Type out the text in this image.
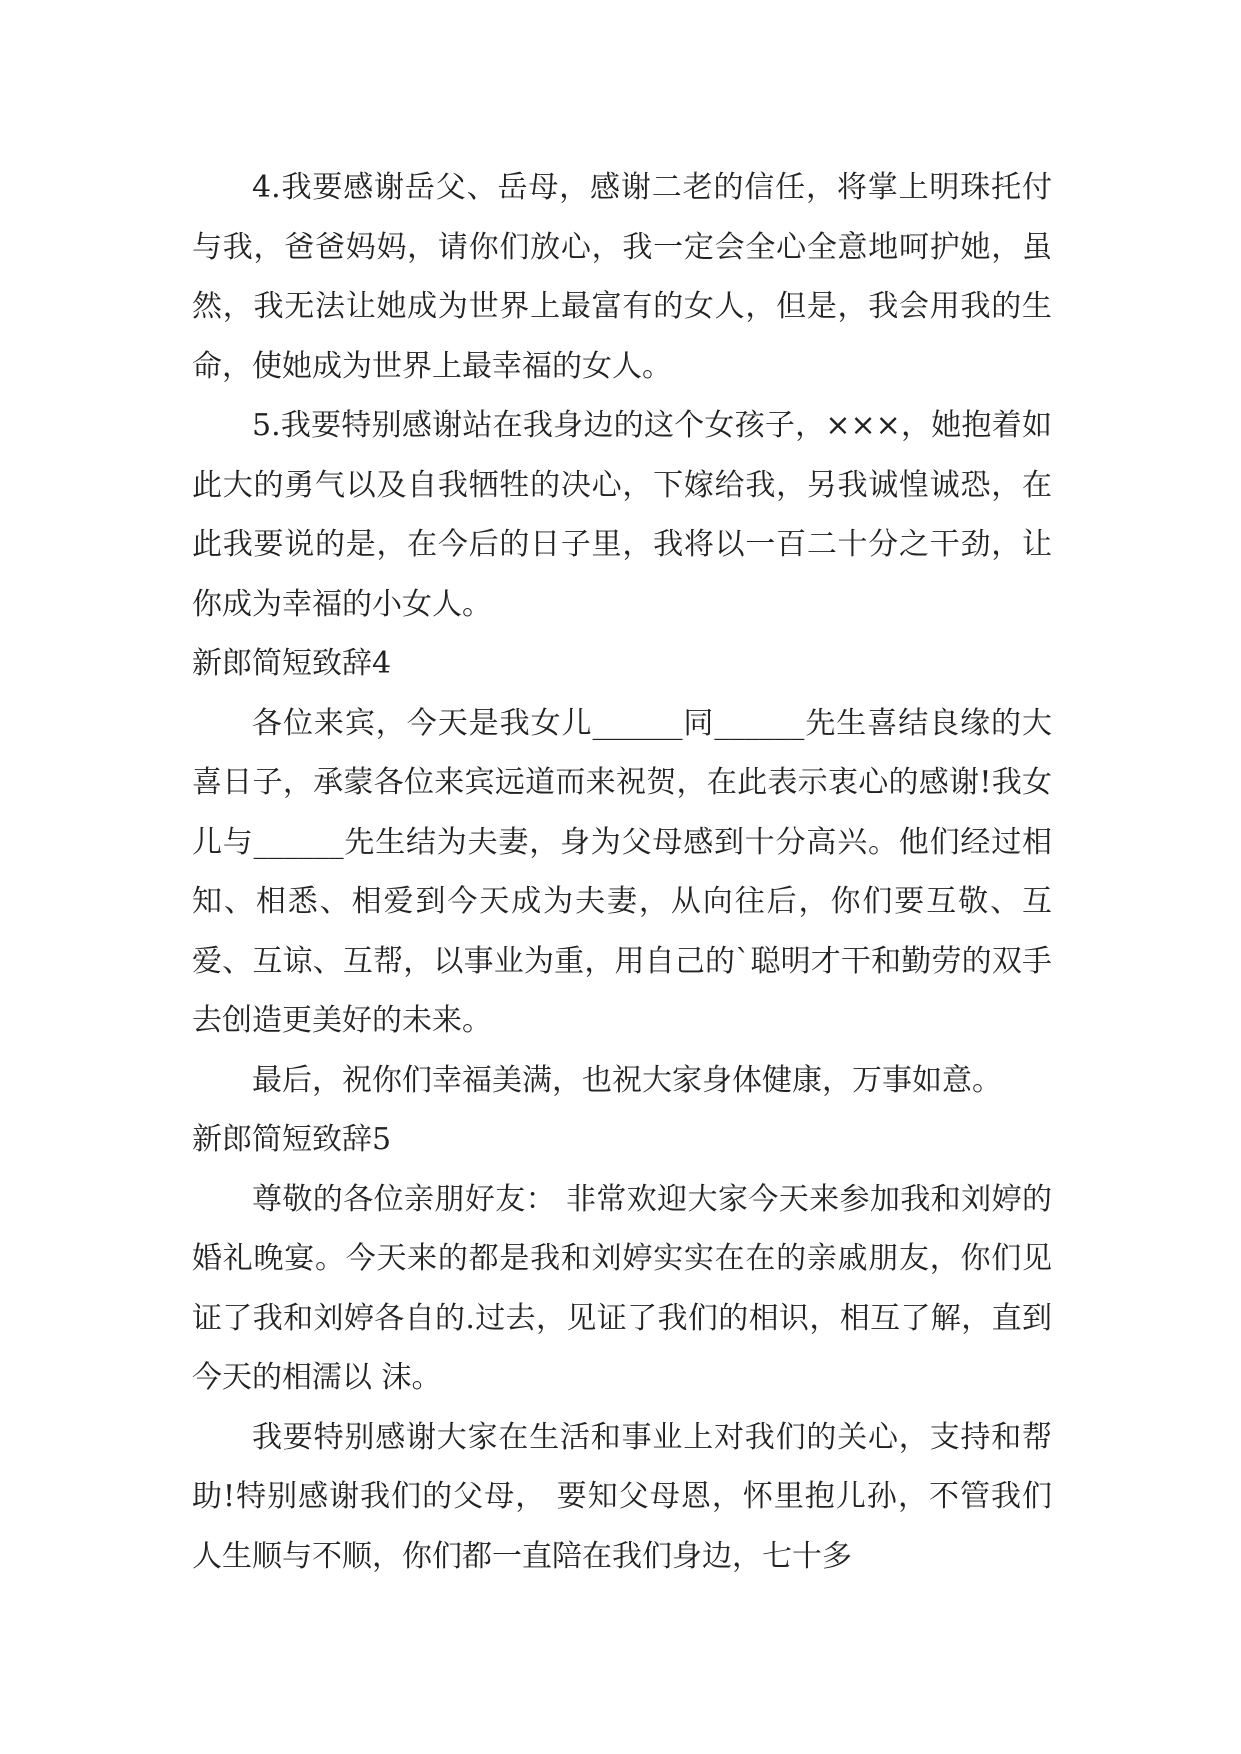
4.我要感谢岳父、岳母，感谢二老的信任，将掌上明珠托付与我，爸爸妈妈，请你们放心，我一定会全心全意地呵护她，虽然，我无法让她成为世界上最富有的女人，但是，我会用我的生命，使她成为世界上最幸福的女人。

5.我要特别感谢站在我身边的这个女孩子，×××，她抱着如此大的勇气以及自我牺牲的决心，下嫁给我，另我诚惶诚恐，在此我要说的是，在今后的日子里，我将以一百二十分之干劲，让你成为幸福的小女人。

新郎简短致辞4

各位来宾，今天是我女儿______同______先生喜结良缘的大喜日子，承蒙各位来宾远道而来祝贺，在此表示衷心的感谢!我女儿与______先生结为夫妻，身为父母感到十分高兴。他们经过相知、相悉、相爱到今天成为夫妻，从向往后，你们要互敬、互爱、互谅、互帮，以事业为重，用自己的`聪明才干和勤劳的双手去创造更美好的未来。

最后，祝你们幸福美满，也祝大家身体健康，万事如意。

新郎简短致辞5

尊敬的各位亲朋好友： 非常欢迎大家今天来参加我和刘婷的婚礼晚宴。今天来的都是我和刘婷实实在在的亲戚朋友，你们见证了我和刘婷各自的.过去，见证了我们的相识，相互了解，直到今天的相濡以 沫。

我要特别感谢大家在生活和事业上对我们的关心，支持和帮助!特别感谢我们的父母， 要知父母恩，怀里抱儿孙，不管我们人生顺与不顺，你们都一直陪在我们身边，七十多
